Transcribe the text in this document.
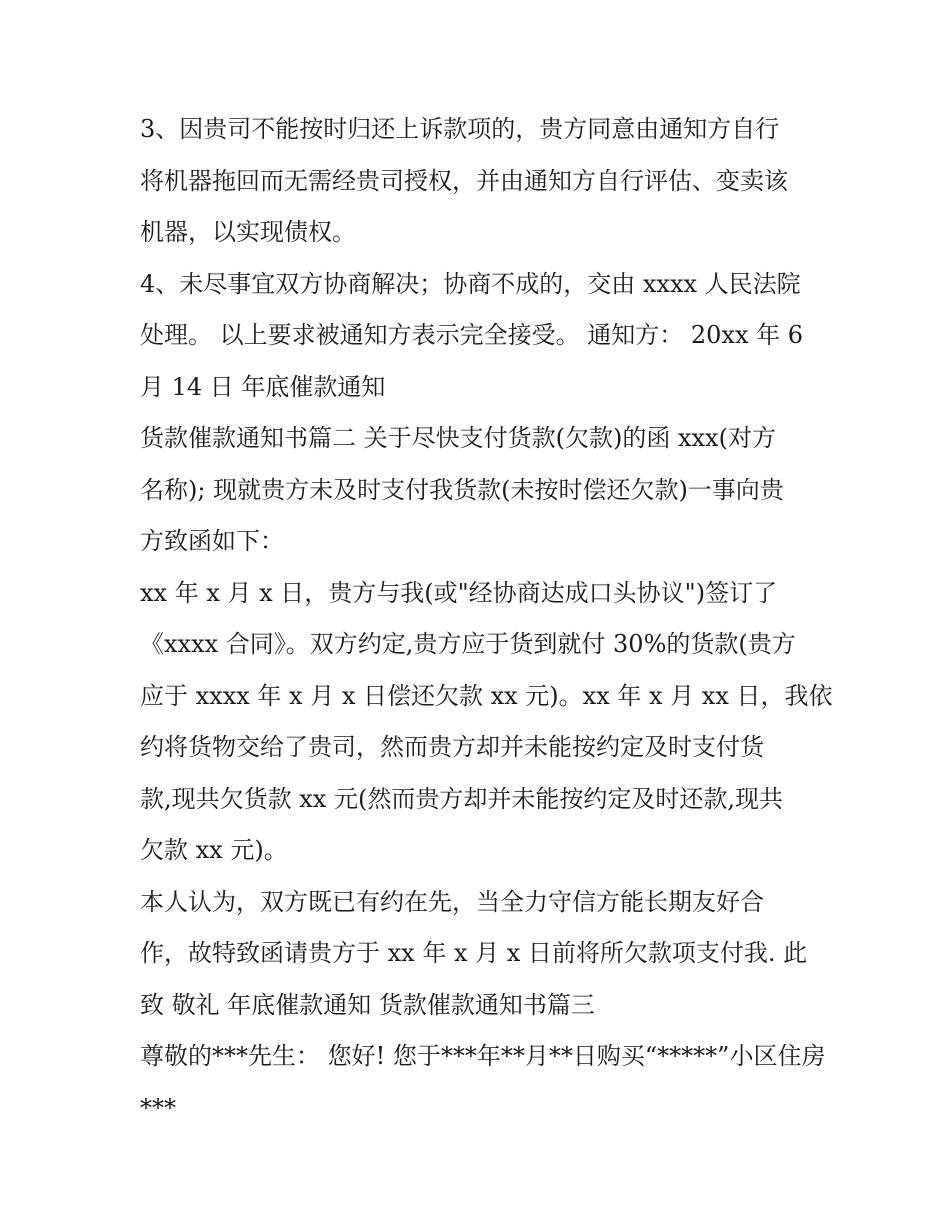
3、因贵司不能按时归还上诉款项的，贵方同意由通知方自行
将机器拖回而无需经贵司授权，并由通知方自行评估、变卖该
机器，以实现债权。
4、未尽事宜双方协商解决；协商不成的，交由 xxxx 人民法院
处理。 以上要求被通知方表示完全接受。 通知方： 20xx 年 6
月 14 日 年底催款通知
货款催款通知书篇二 关于尽快支付货款(欠款)的函 xxx(对方
名称); 现就贵方未及时支付我货款(未按时偿还欠款)一事向贵
方致函如下：
xx 年 x 月 x 日，贵方与我(或"经协商达成口头协议")签订了
《xxxx 合同》。双方约定,贵方应于货到就付 30%的货款(贵方
应于 xxxx 年 x 月 x 日偿还欠款 xx 元)。xx 年 x 月 xx 日，我依
约将货物交给了贵司，然而贵方却并未能按约定及时支付货
款,现共欠货款 xx 元(然而贵方却并未能按约定及时还款,现共
欠款 xx 元)。
本人认为，双方既已有约在先，当全力守信方能长期友好合
作，故特致函请贵方于 xx 年 x 月 x 日前将所欠款项支付我. 此
致 敬礼 年底催款通知 货款催款通知书篇三
尊敬的***先生： 您好! 您于***年**月**日购买“*****”小区住房
***
